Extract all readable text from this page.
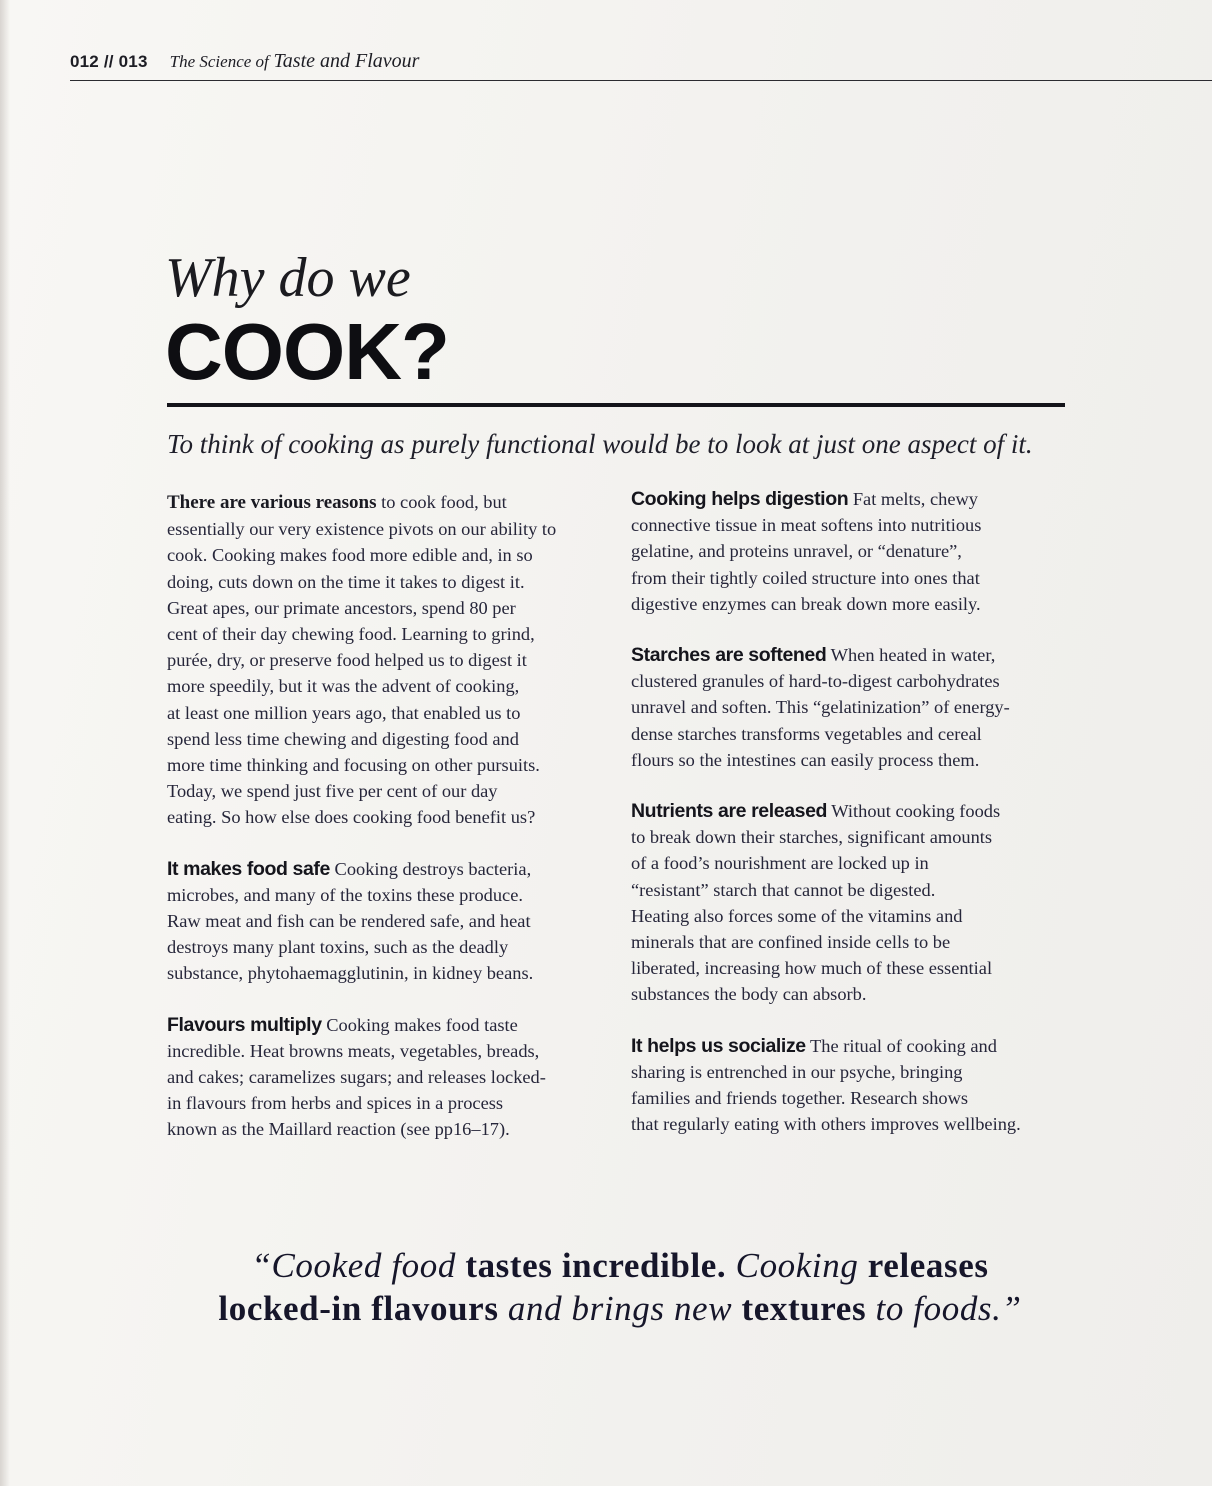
012 // 013 The Science of Taste and Flavour
Why do we
COOK?
To think of cooking as purely functional would be to look at just one aspect of it.
There are various reasons to cook food, but
essentially our very existence pivots on our ability to
cook. Cooking makes food more edible and, in so
doing, cuts down on the time it takes to digest it.
Great apes, our primate ancestors, spend 80 per
cent of their day chewing food. Learning to grind,
purée, dry, or preserve food helped us to digest it
more speedily, but it was the advent of cooking,
at least one million years ago, that enabled us to
spend less time chewing and digesting food and
more time thinking and focusing on other pursuits.
Today, we spend just five per cent of our day
eating. So how else does cooking food benefit us?
It makes food safe Cooking destroys bacteria,
microbes, and many of the toxins these produce.
Raw meat and fish can be rendered safe, and heat
destroys many plant toxins, such as the deadly
substance, phytohaemagglutinin, in kidney beans.
Flavours multiply Cooking makes food taste
incredible. Heat browns meats, vegetables, breads,
and cakes; caramelizes sugars; and releases locked-
in flavours from herbs and spices in a process
known as the Maillard reaction (see pp16–17).
Cooking helps digestion Fat melts, chewy
connective tissue in meat softens into nutritious
gelatine, and proteins unravel, or “denature”,
from their tightly coiled structure into ones that
digestive enzymes can break down more easily.
Starches are softened When heated in water,
clustered granules of hard-to-digest carbohydrates
unravel and soften. This “gelatinization” of energy-
dense starches transforms vegetables and cereal
flours so the intestines can easily process them.
Nutrients are released Without cooking foods
to break down their starches, significant amounts
of a food’s nourishment are locked up in
“resistant” starch that cannot be digested.
Heating also forces some of the vitamins and
minerals that are confined inside cells to be
liberated, increasing how much of these essential
substances the body can absorb.
It helps us socialize The ritual of cooking and
sharing is entrenched in our psyche, bringing
families and friends together. Research shows
that regularly eating with others improves wellbeing.
“Cooked food tastes incredible. Cooking releases
locked-in flavours and brings new textures to foods.”
